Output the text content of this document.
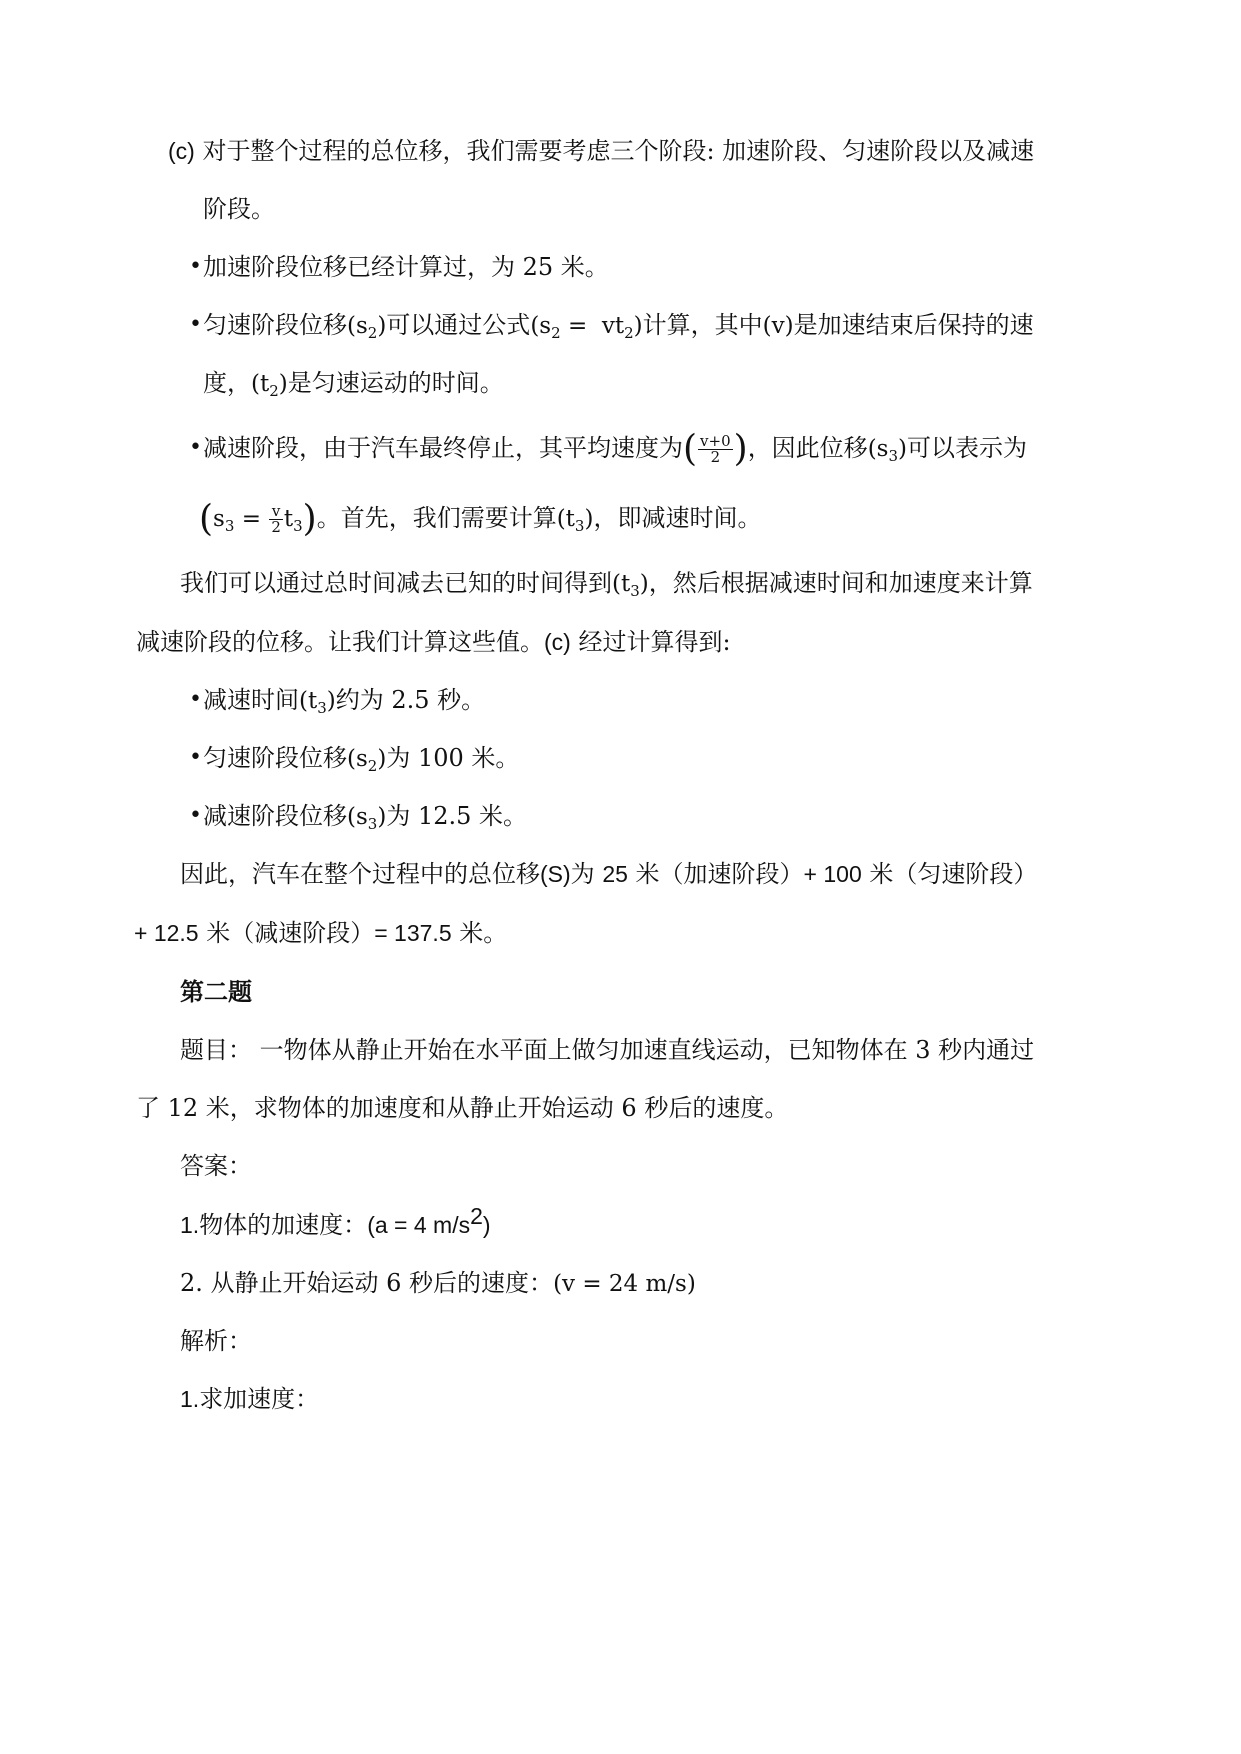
(c) 对于整个过程的总位移，我们需要考虑三个阶段: 加速阶段、匀速阶段以及减速
阶段。
• 加速阶段位移已经计算过，为 25 米。
• 匀速阶段位移$(s_2)$可以通过公式$(s_2 = vt_2)$计算，其中(v)是加速结束后保持的速
度，$(t_2)$是匀速运动的时间。
• 减速阶段，由于汽车最终停止，其平均速度为( $\frac{v+0}{2}$ )，因此位移$(s_3)$可以表示为
$(s_3 = \frac{v}{2} t_3)$。首先，我们需要计算$(t_3)$，即减速时间。
我们可以通过总时间减去已知的时间得到$(t_3)$，然后根据减速时间和加速度来计算
减速阶段的位移。让我们计算这些值。(c) 经过计算得到:
• 减速时间$(t_3)$约为 2.5 秒。
• 匀速阶段位移$(s_2)$为 100 米。
• 减速阶段位移$(s_3)$为 12.5 米。
因此，汽车在整个过程中的总位移(S)为 25 米（加速阶段）+ 100 米（匀速阶段）
+ 12.5 米（减速阶段）= 137.5 米。
第二题
题目： 一物体从静止开始在水平面上做匀加速直线运动，已知物体在 3 秒内通过
了 12 米，求物体的加速度和从静止开始运动 6 秒后的速度。
答案：
1.物体的加速度：(a = 4 $m/s^2$)
2. 从静止开始运动 6 秒后的速度：(v = 24 m/s)
解析：
1.求加速度：
